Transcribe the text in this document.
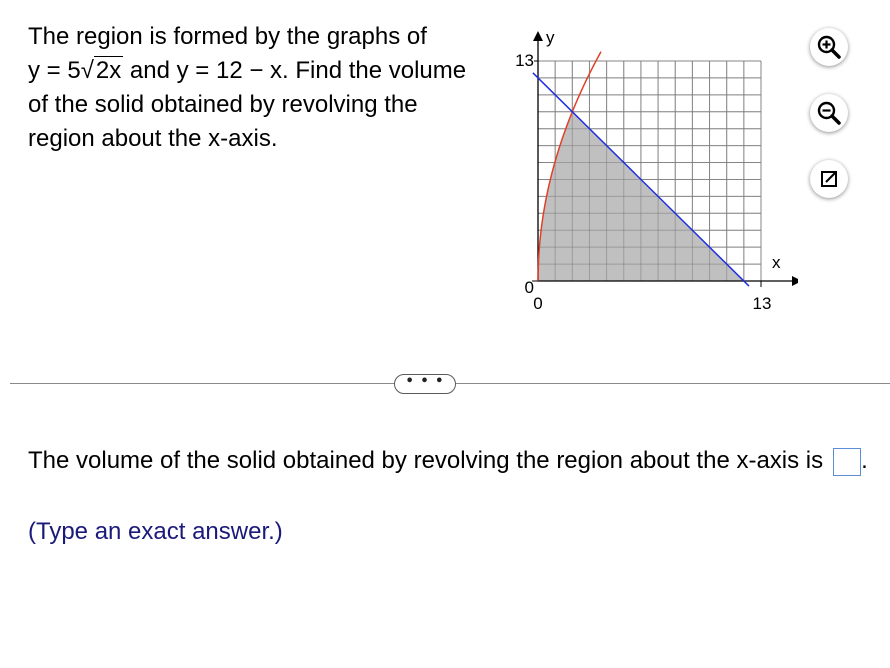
The region is formed by the graphs of
y = 5√2x and y = 12 − x. Find the volume
of the solid obtained by revolving the
region about the x-axis.
y
x
13
0
0	13
• • •
The volume of the solid obtained by revolving the region about the x-axis is .
(Type an exact answer.)
